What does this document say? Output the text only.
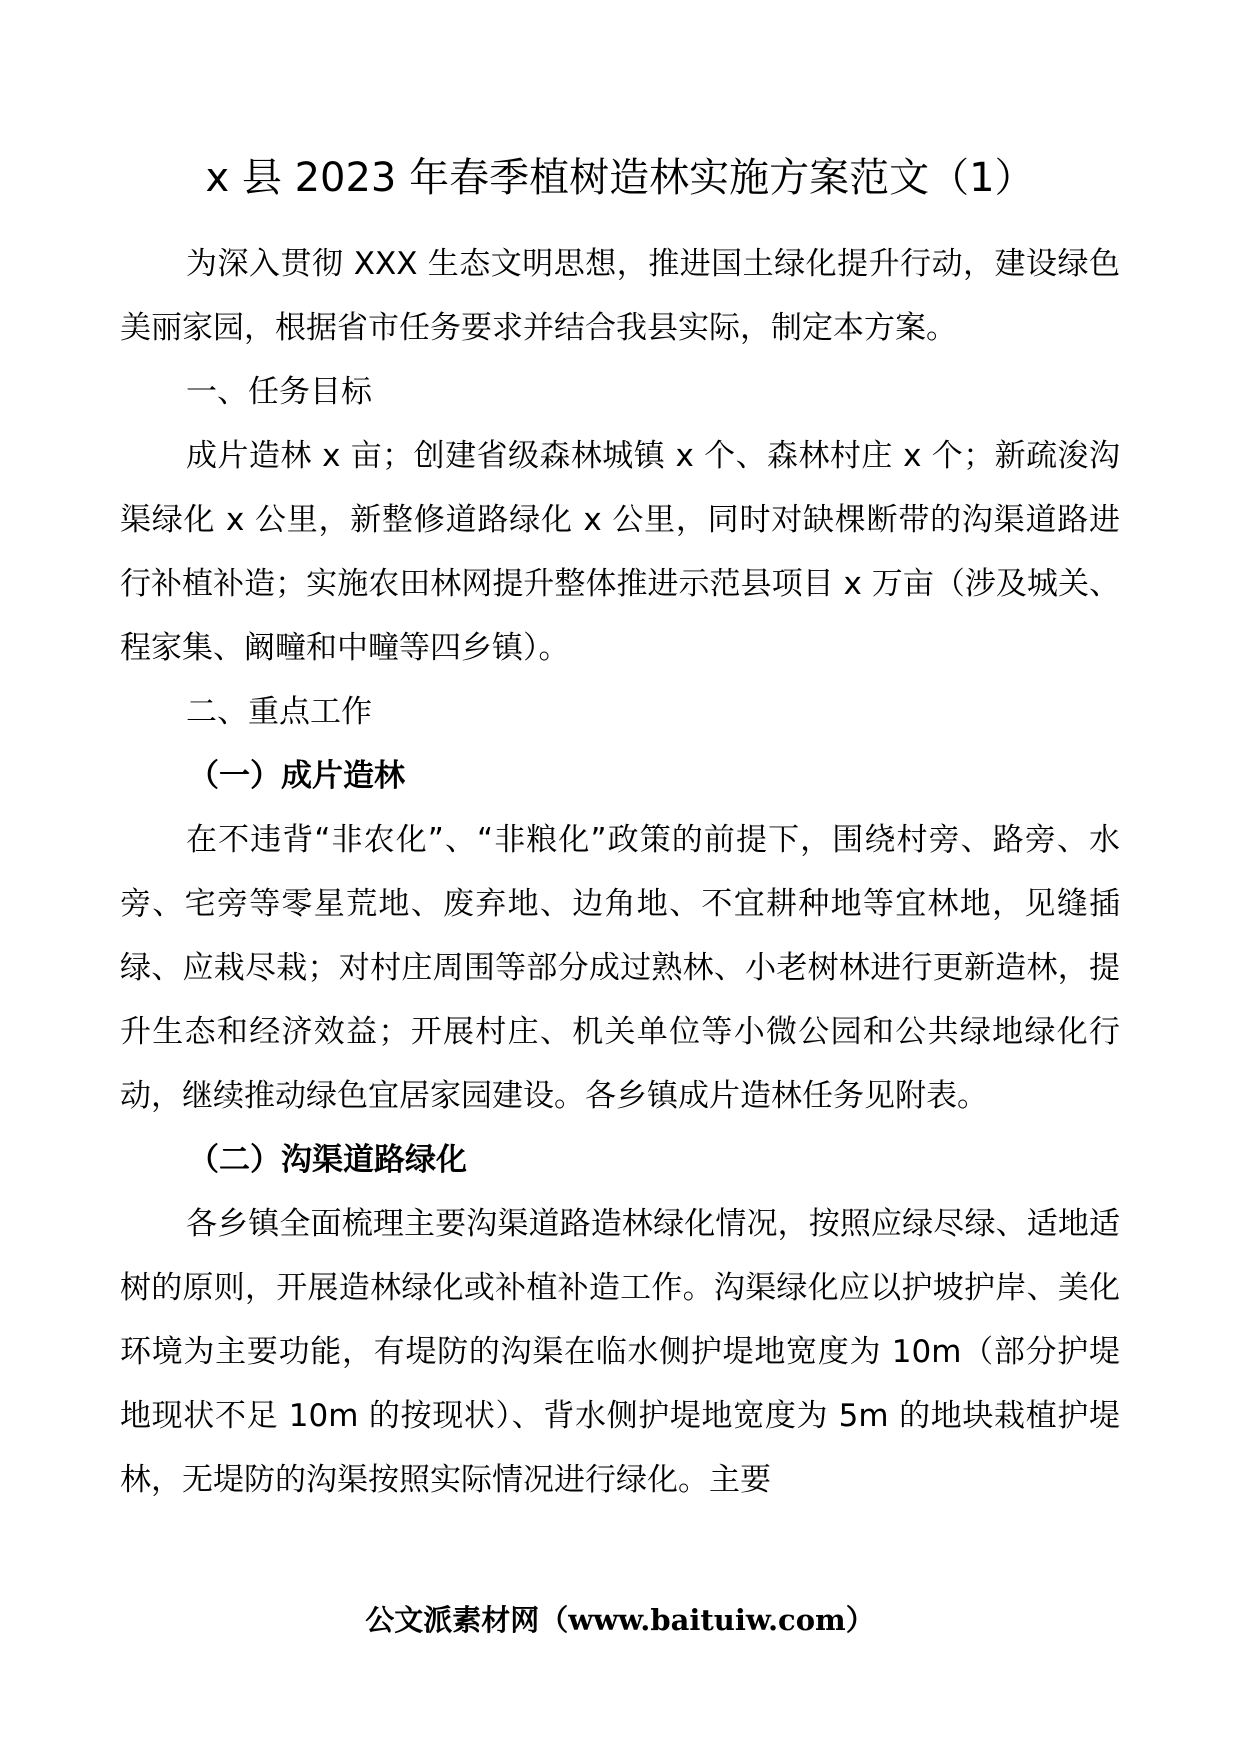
x 县 2023 年春季植树造林实施方案范文（1）

为深入贯彻 XXX 生态文明思想，推进国土绿化提升行动，建设绿色美丽家园，根据省市任务要求并结合我县实际，制定本方案。

一、任务目标

成片造林 x 亩；创建省级森林城镇 x 个、森林村庄 x 个；新疏浚沟渠绿化 x 公里，新整修道路绿化 x 公里，同时对缺棵断带的沟渠道路进行补植补造；实施农田林网提升整体推进示范县项目 x 万亩（涉及城关、程家集、阚疃和中疃等四乡镇）。

二、重点工作

（一）成片造林

在不违背“非农化”、“非粮化”政策的前提下，围绕村旁、路旁、水旁、宅旁等零星荒地、废弃地、边角地、不宜耕种地等宜林地，见缝插绿、应栽尽栽；对村庄周围等部分成过熟林、小老树林进行更新造林，提升生态和经济效益；开展村庄、机关单位等小微公园和公共绿地绿化行动，继续推动绿色宜居家园建设。各乡镇成片造林任务见附表。

（二）沟渠道路绿化

各乡镇全面梳理主要沟渠道路造林绿化情况，按照应绿尽绿、适地适树的原则，开展造林绿化或补植补造工作。沟渠绿化应以护坡护岸、美化环境为主要功能，有堤防的沟渠在临水侧护堤地宽度为 10m（部分护堤地现状不足 10m 的按现状）、背水侧护堤地宽度为 5m 的地块栽植护堤林，无堤防的沟渠按照实际情况进行绿化。主要

公文派素材网（www.baituiw.com）
